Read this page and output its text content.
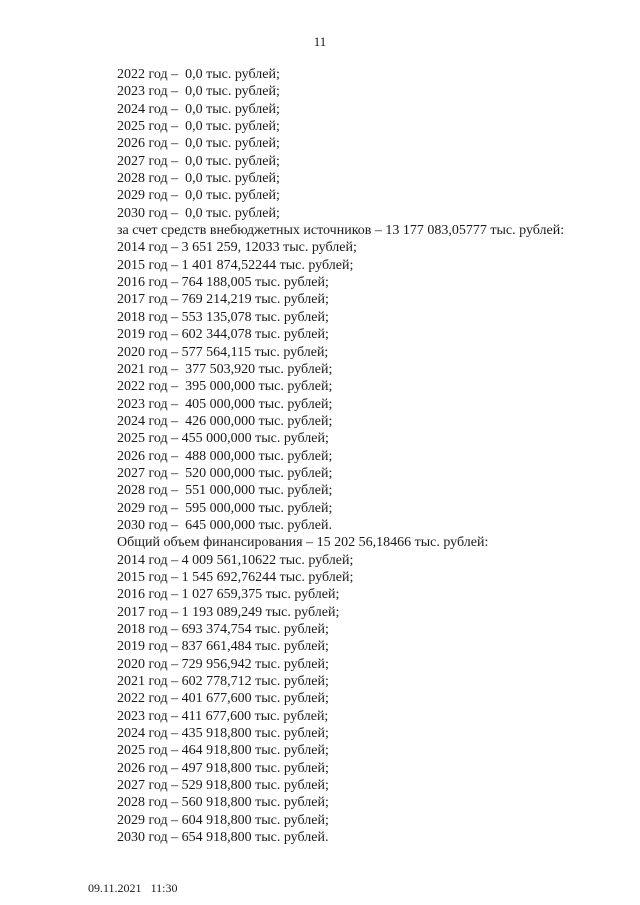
11
2022 год –  0,0 тыс. рублей;
2023 год –  0,0 тыс. рублей;
2024 год –  0,0 тыс. рублей;
2025 год –  0,0 тыс. рублей;
2026 год –  0,0 тыс. рублей;
2027 год –  0,0 тыс. рублей;
2028 год –  0,0 тыс. рублей;
2029 год –  0,0 тыс. рублей;
2030 год –  0,0 тыс. рублей;
за счет средств внебюджетных источников – 13 177 083,05777 тыс. рублей:
2014 год – 3 651 259, 12033 тыс. рублей;
2015 год – 1 401 874,52244 тыс. рублей;
2016 год – 764 188,005 тыс. рублей;
2017 год – 769 214,219 тыс. рублей;
2018 год – 553 135,078 тыс. рублей;
2019 год – 602 344,078 тыс. рублей;
2020 год – 577 564,115 тыс. рублей;
2021 год –  377 503,920 тыс. рублей;
2022 год –  395 000,000 тыс. рублей;
2023 год –  405 000,000 тыс. рублей;
2024 год –  426 000,000 тыс. рублей;
2025 год – 455 000,000 тыс. рублей;
2026 год –  488 000,000 тыс. рублей;
2027 год –  520 000,000 тыс. рублей;
2028 год –  551 000,000 тыс. рублей;
2029 год –  595 000,000 тыс. рублей;
2030 год –  645 000,000 тыс. рублей.
Общий объем финансирования – 15 202 56,18466 тыс. рублей:
2014 год – 4 009 561,10622 тыс. рублей;
2015 год – 1 545 692,76244 тыс. рублей;
2016 год – 1 027 659,375 тыс. рублей;
2017 год – 1 193 089,249 тыс. рублей;
2018 год – 693 374,754 тыс. рублей;
2019 год – 837 661,484 тыс. рублей;
2020 год – 729 956,942 тыс. рублей;
2021 год – 602 778,712 тыс. рублей;
2022 год – 401 677,600 тыс. рублей;
2023 год – 411 677,600 тыс. рублей;
2024 год – 435 918,800 тыс. рублей;
2025 год – 464 918,800 тыс. рублей;
2026 год – 497 918,800 тыс. рублей;
2027 год – 529 918,800 тыс. рублей;
2028 год – 560 918,800 тыс. рублей;
2029 год – 604 918,800 тыс. рублей;
2030 год – 654 918,800 тыс. рублей.
09.11.2021 11:30
